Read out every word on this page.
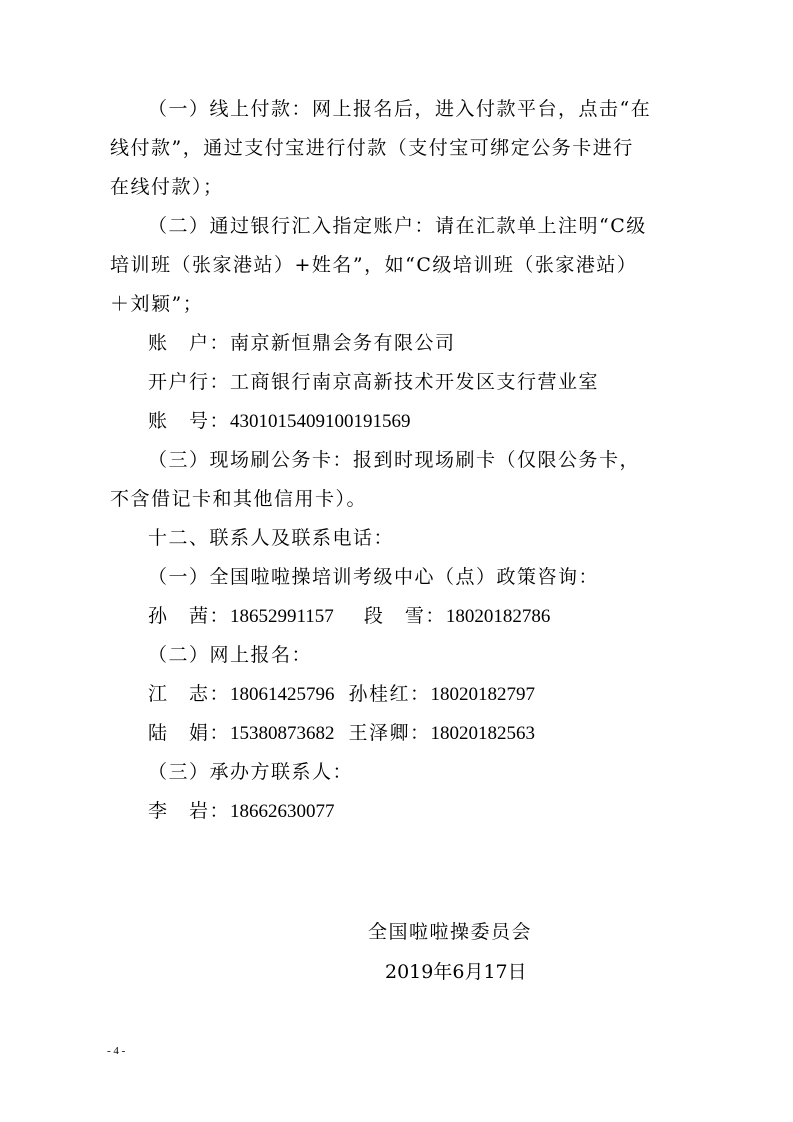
（一）线上付款：网上报名后，进入付款平台，点击“在
线付款”，通过支付宝进行付款（支付宝可绑定公务卡进行
在线付款）；
（二）通过银行汇入指定账户：请在汇款单上注明“C级
培训班（张家港站）+姓名”，如“C级培训班（张家港站）
＋刘颖”；
账　户：南京新恒鼎会务有限公司
开户行：工商银行南京高新技术开发区支行营业室
账　号：4301015409100191569
（三）现场刷公务卡：报到时现场刷卡（仅限公务卡，
不含借记卡和其他信用卡）。
十二、联系人及联系电话：
（一）全国啦啦操培训考级中心（点）政策咨询：
孙　茜：18652991157 段　雪：18020182786
（二）网上报名：
江　志：18061425796 孙桂红：18020182797
陆　娟：15380873682 王泽卿：18020182563
（三）承办方联系人：
李　岩：18662630077
全国啦啦操委员会
2019年6月17日
- 4 -
